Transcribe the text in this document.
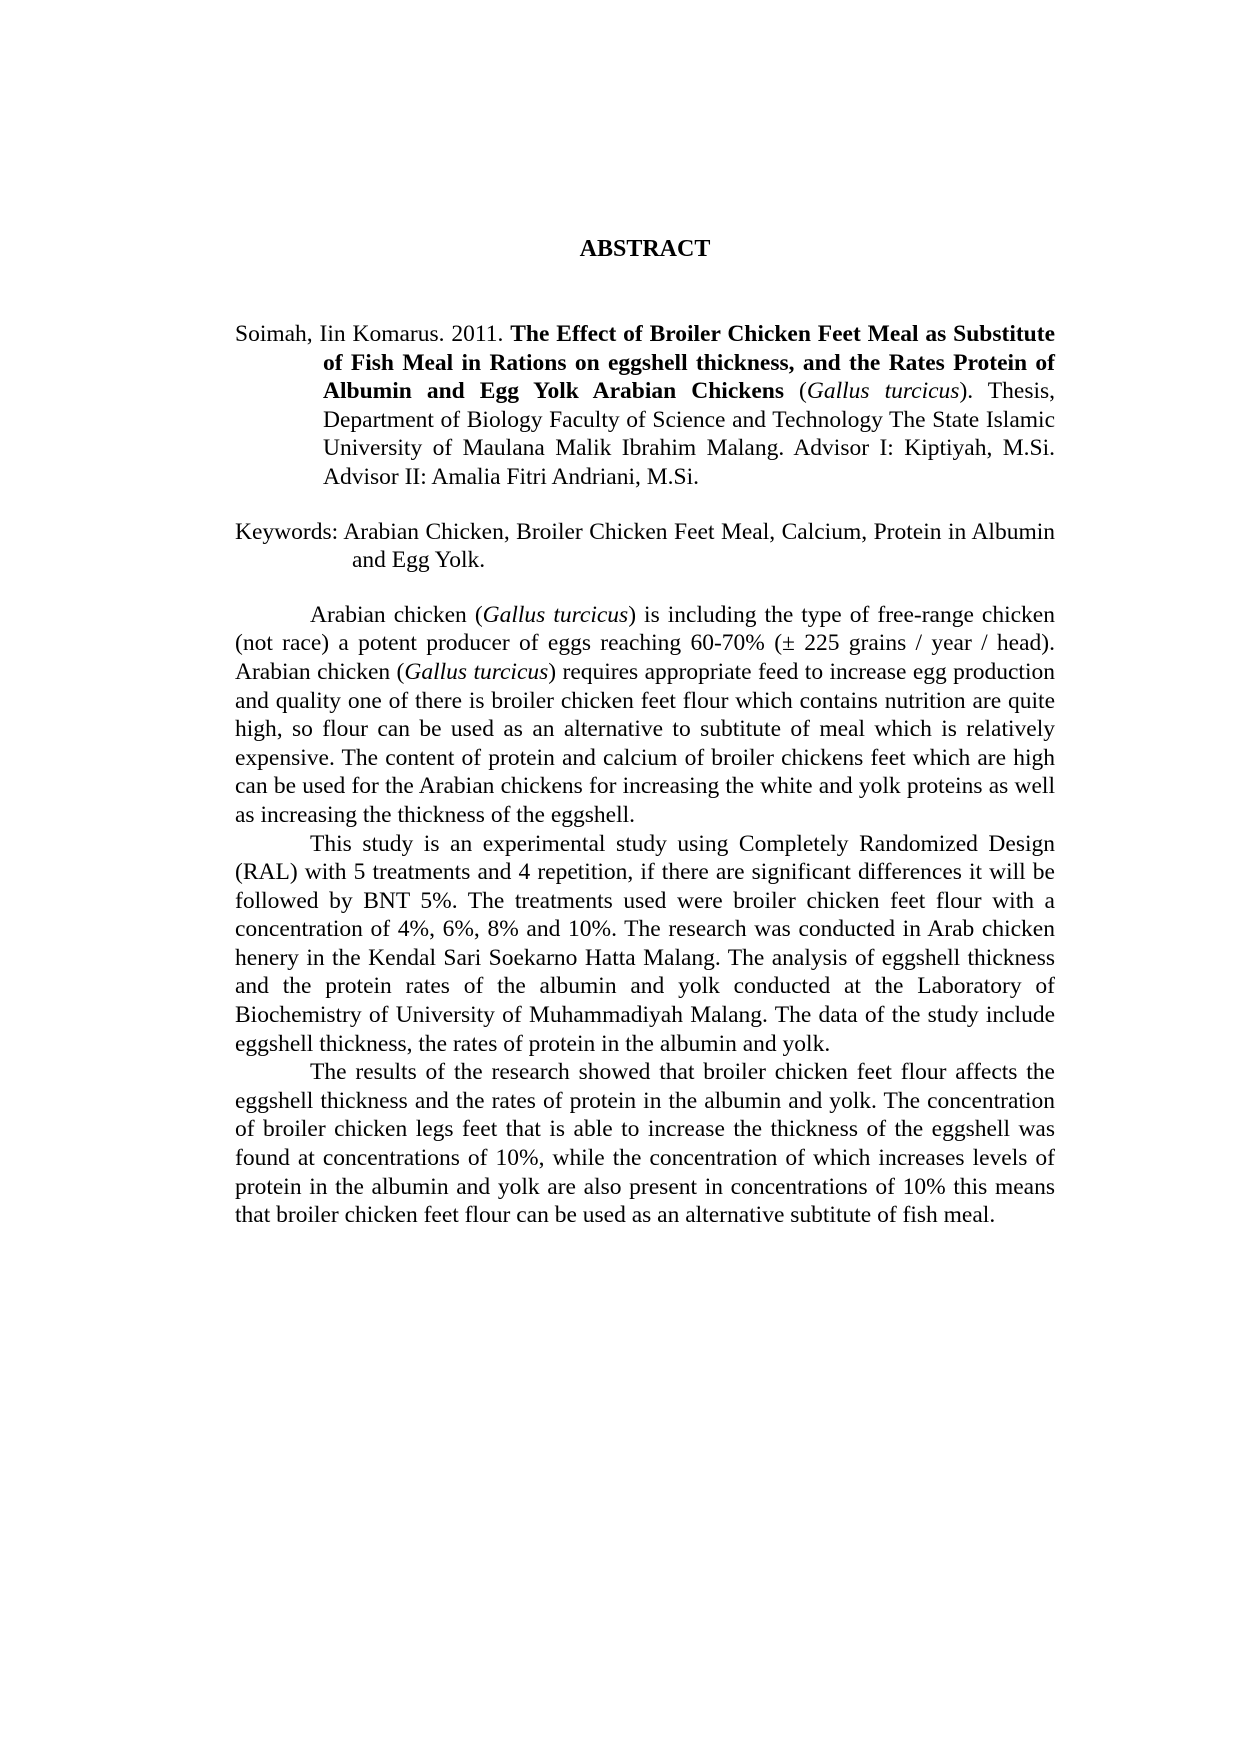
ABSTRACT

Soimah, Iin Komarus. 2011. The Effect of Broiler Chicken Feet Meal as Substitute of Fish Meal in Rations on eggshell thickness, and the Rates Protein of Albumin and Egg Yolk Arabian Chickens (Gallus turcicus). Thesis, Department of Biology Faculty of Science and Technology The State Islamic University of Maulana Malik Ibrahim Malang. Advisor I: Kiptiyah, M.Si. Advisor II: Amalia Fitri Andriani, M.Si.

Keywords: Arabian Chicken, Broiler Chicken Feet Meal, Calcium, Protein in Albumin and Egg Yolk.

Arabian chicken (Gallus turcicus) is including the type of free-range chicken (not race) a potent producer of eggs reaching 60-70% (± 225 grains / year / head). Arabian chicken (Gallus turcicus) requires appropriate feed to increase egg production and quality one of there is broiler chicken feet flour which contains nutrition are quite high, so flour can be used as an alternative to subtitute of meal which is relatively expensive. The content of protein and calcium of broiler chickens feet which are high can be used for the Arabian chickens for increasing the white and yolk proteins as well as increasing the thickness of the eggshell.

This study is an experimental study using Completely Randomized Design (RAL) with 5 treatments and 4 repetition, if there are significant differences it will be followed by BNT 5%. The treatments used were broiler chicken feet flour with a concentration of 4%, 6%, 8% and 10%. The research was conducted in Arab chicken henery in the Kendal Sari Soekarno Hatta Malang. The analysis of eggshell thickness and the protein rates of the albumin and yolk conducted at the Laboratory of Biochemistry of University of Muhammadiyah Malang. The data of the study include eggshell thickness, the rates of protein in the albumin and yolk.

The results of the research showed that broiler chicken feet flour affects the eggshell thickness and the rates of protein in the albumin and yolk. The concentration of broiler chicken legs feet that is able to increase the thickness of the eggshell was found at concentrations of 10%, while the concentration of which increases levels of protein in the albumin and yolk are also present in concentrations of 10% this means that broiler chicken feet flour can be used as an alternative subtitute of fish meal.
